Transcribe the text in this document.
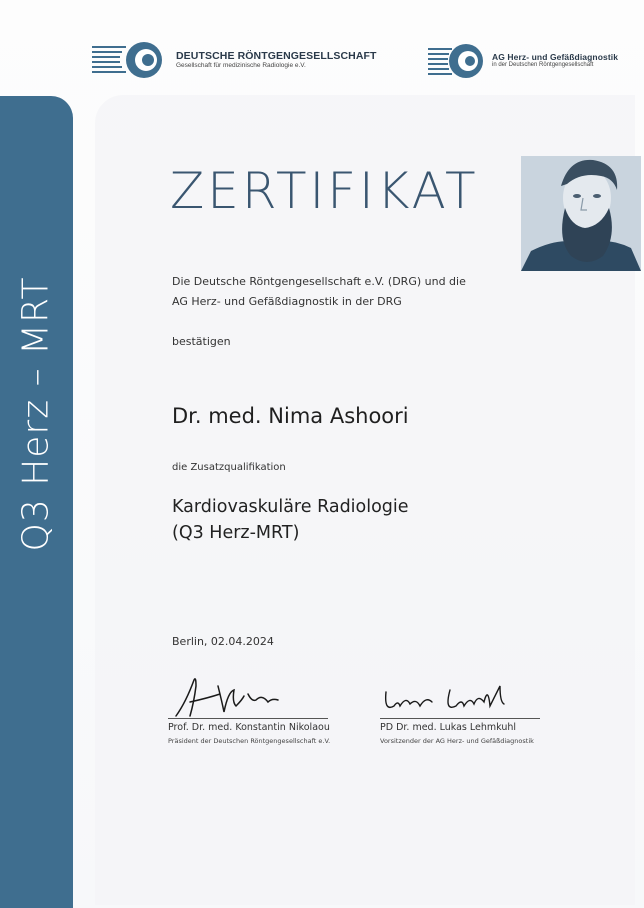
Q3 Herz – MRT
DEUTSCHE RÖNTGENGESELLSCHAFT
Gesellschaft für medizinische Radiologie e.V.
AG Herz- und Gefäßdiagnostik
in der Deutschen Röntgengesellschaft
ZERTIFIKAT
Die Deutsche Röntgengesellschaft e.V. (DRG) und die
AG Herz- und Gefäßdiagnostik in der DRG
bestätigen
Dr. med. Nima Ashoori
die Zusatzqualifikation
Kardiovaskuläre Radiologie
(Q3 Herz-MRT)
Berlin, 02.04.2024
Prof. Dr. med. Konstantin Nikolaou
Präsident der Deutschen Röntgengesellschaft e.V.
PD Dr. med. Lukas Lehmkuhl
Vorsitzender der AG Herz- und Gefäßdiagnostik
